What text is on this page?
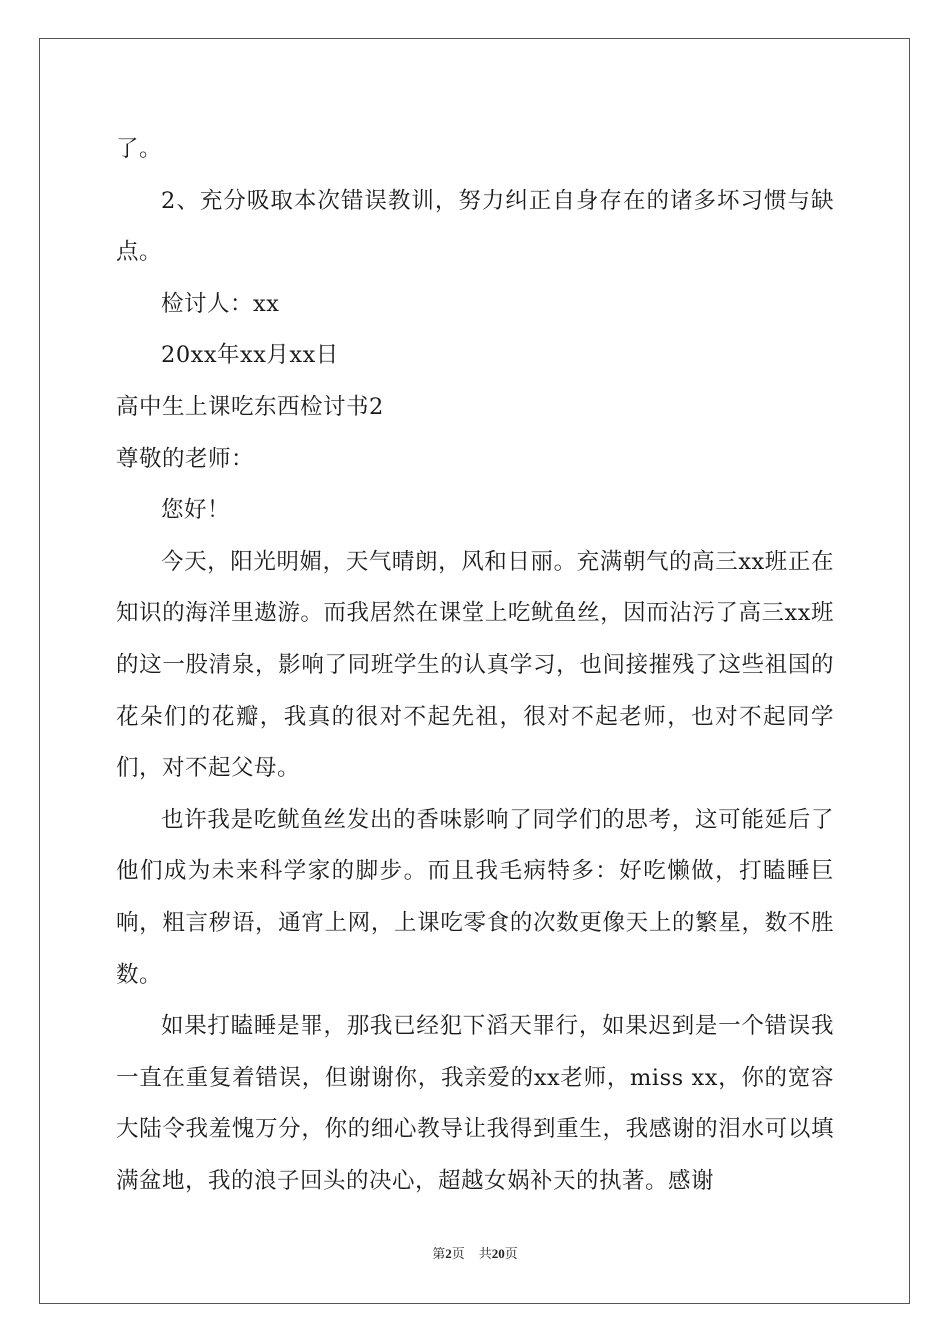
了。

2、充分吸取本次错误教训，努力纠正自身存在的诸多坏习惯与缺点。

检讨人：xx

20xx年xx月xx日

高中生上课吃东西检讨书2

尊敬的老师：

您好！

今天，阳光明媚，天气晴朗，风和日丽。充满朝气的高三xx班正在知识的海洋里遨游。而我居然在课堂上吃鱿鱼丝，因而沾污了高三xx班的这一股清泉，影响了同班学生的认真学习，也间接摧残了这些祖国的花朵们的花瓣，我真的很对不起先祖，很对不起老师，也对不起同学们，对不起父母。

也许我是吃鱿鱼丝发出的香味影响了同学们的思考，这可能延后了他们成为未来科学家的脚步。而且我毛病特多：好吃懒做，打瞌睡巨响，粗言秽语，通宵上网，上课吃零食的次数更像天上的繁星，数不胜数。

如果打瞌睡是罪，那我已经犯下滔天罪行，如果迟到是一个错误我一直在重复着错误，但谢谢你，我亲爱的xx老师，miss xx，你的宽容大陆令我羞愧万分，你的细心教导让我得到重生，我感谢的泪水可以填满盆地，我的浪子回头的决心，超越女娲补天的执著。感谢

第2页 共20页
